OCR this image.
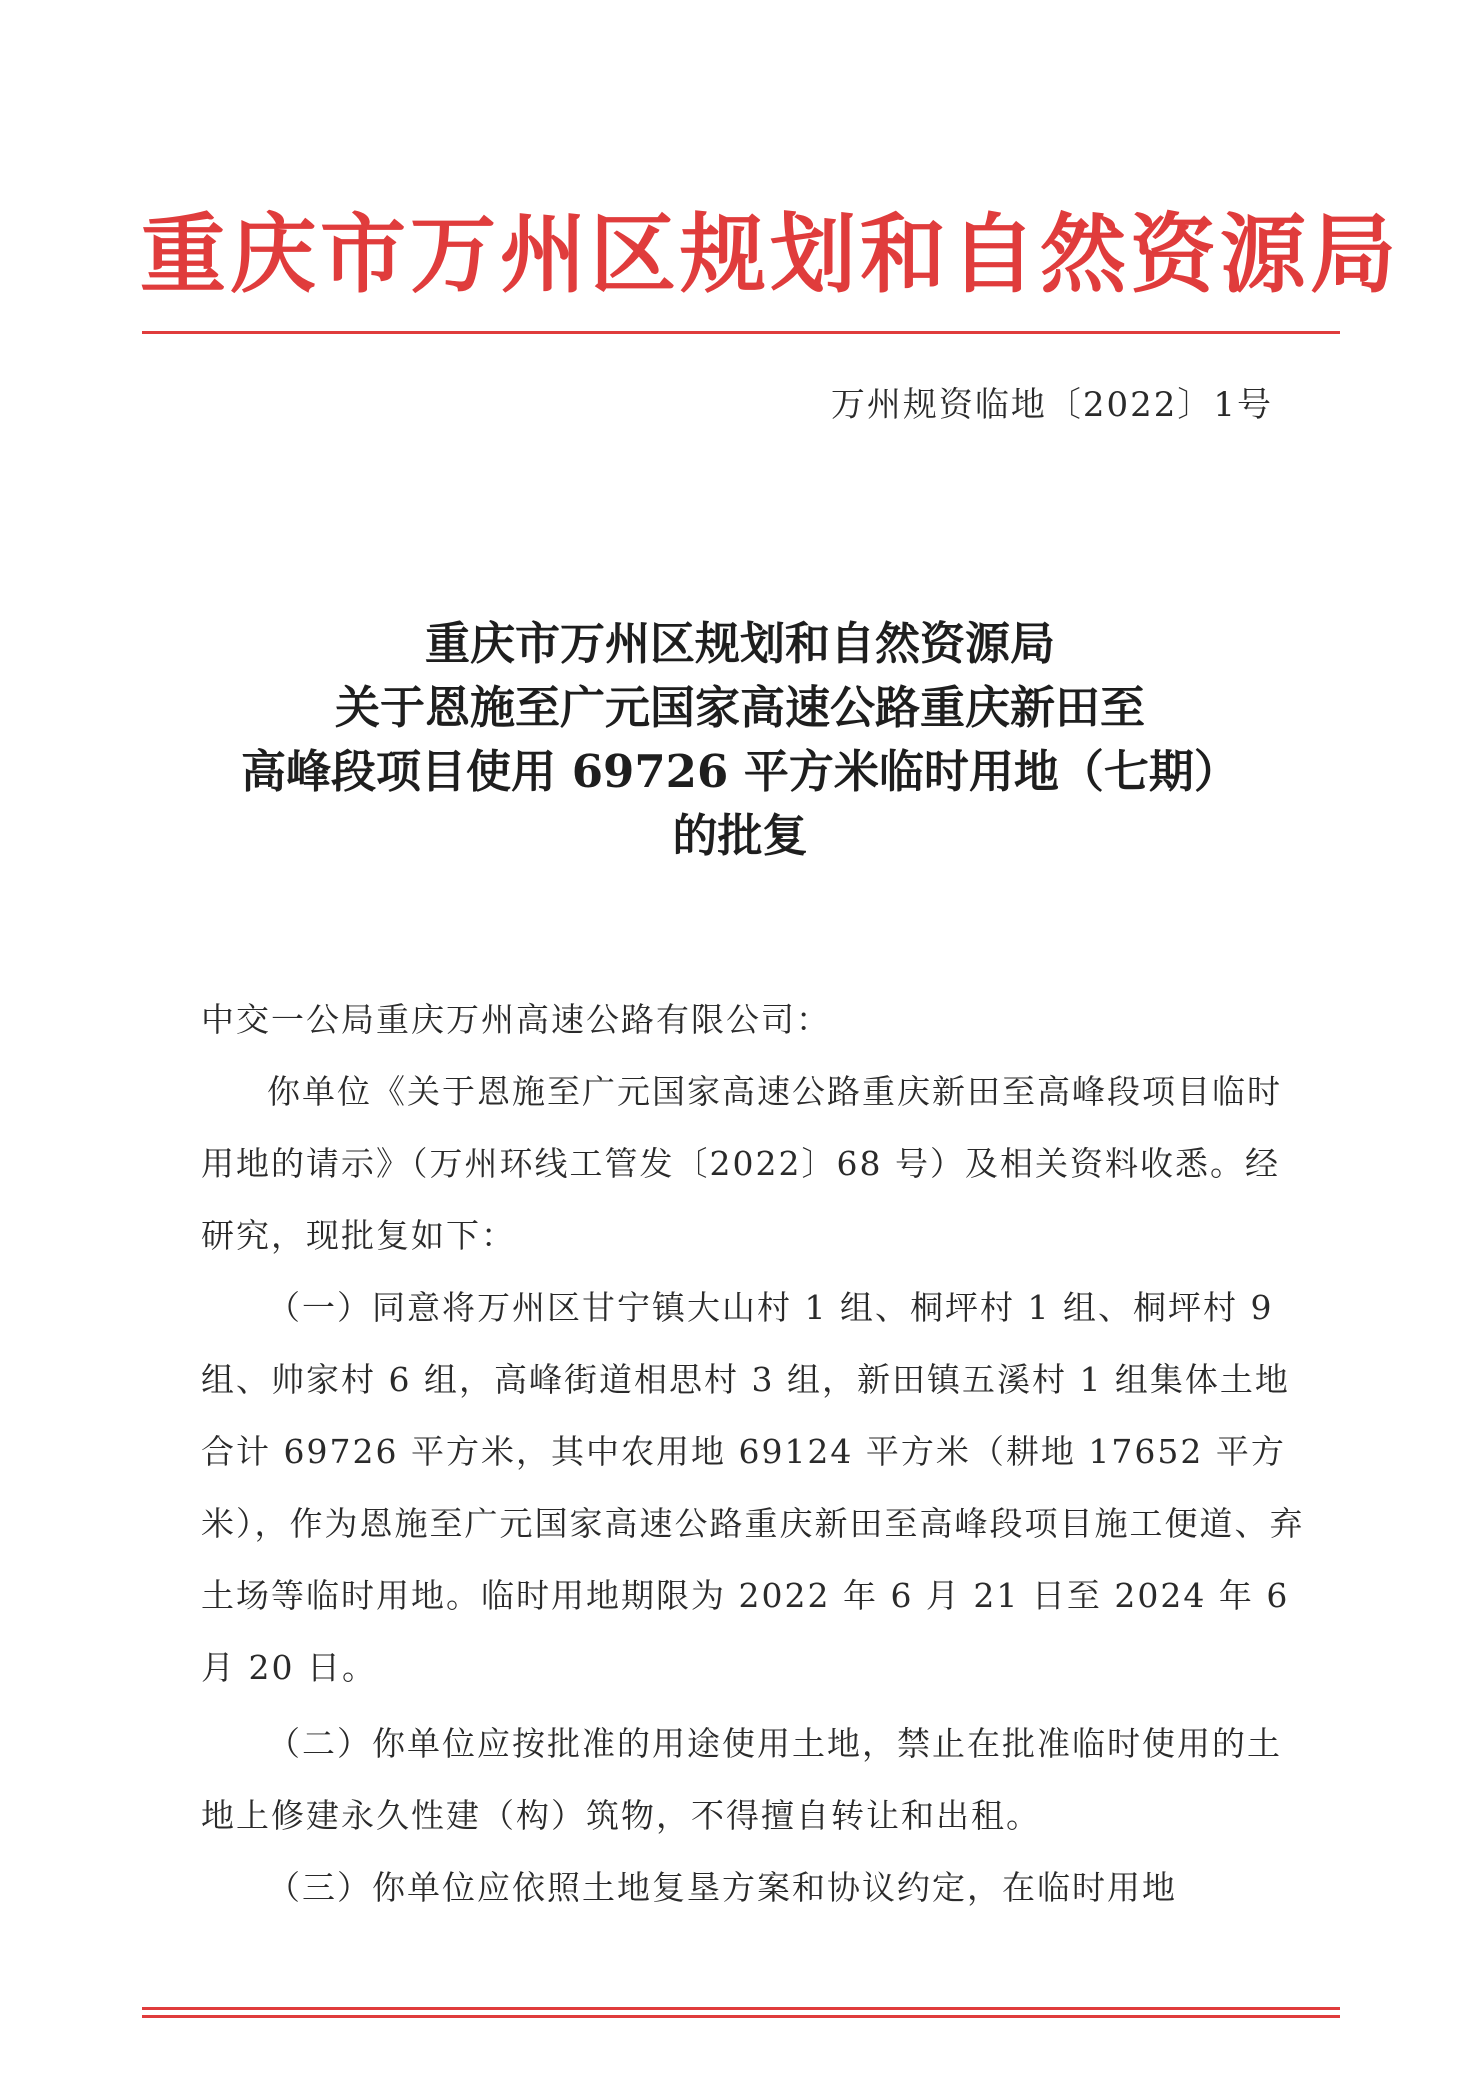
重庆市万州区规划和自然资源局
万州规资临地〔2022〕1号
重庆市万州区规划和自然资源局
关于恩施至广元国家高速公路重庆新田至
高峰段项目使用 69726 平方米临时用地（七期）
的批复
中交一公局重庆万州高速公路有限公司：

你单位《关于恩施至广元国家高速公路重庆新田至高峰段项目临时用地的请示》（万州环线工管发〔2022〕68 号）及相关资料收悉。经研究，现批复如下：

（一）同意将万州区甘宁镇大山村 1 组、桐坪村 1 组、桐坪村 9 组、帅家村 6 组，高峰街道相思村 3 组，新田镇五溪村 1 组集体土地合计 69726 平方米，其中农用地 69124 平方米（耕地 17652 平方米），作为恩施至广元国家高速公路重庆新田至高峰段项目施工便道、弃土场等临时用地。临时用地期限为 2022 年 6 月 21 日至 2024 年 6 月 20 日。

（二）你单位应按批准的用途使用土地，禁止在批准临时使用的土地上修建永久性建（构）筑物，不得擅自转让和出租。

（三）你单位应依照土地复垦方案和协议约定，在临时用地
